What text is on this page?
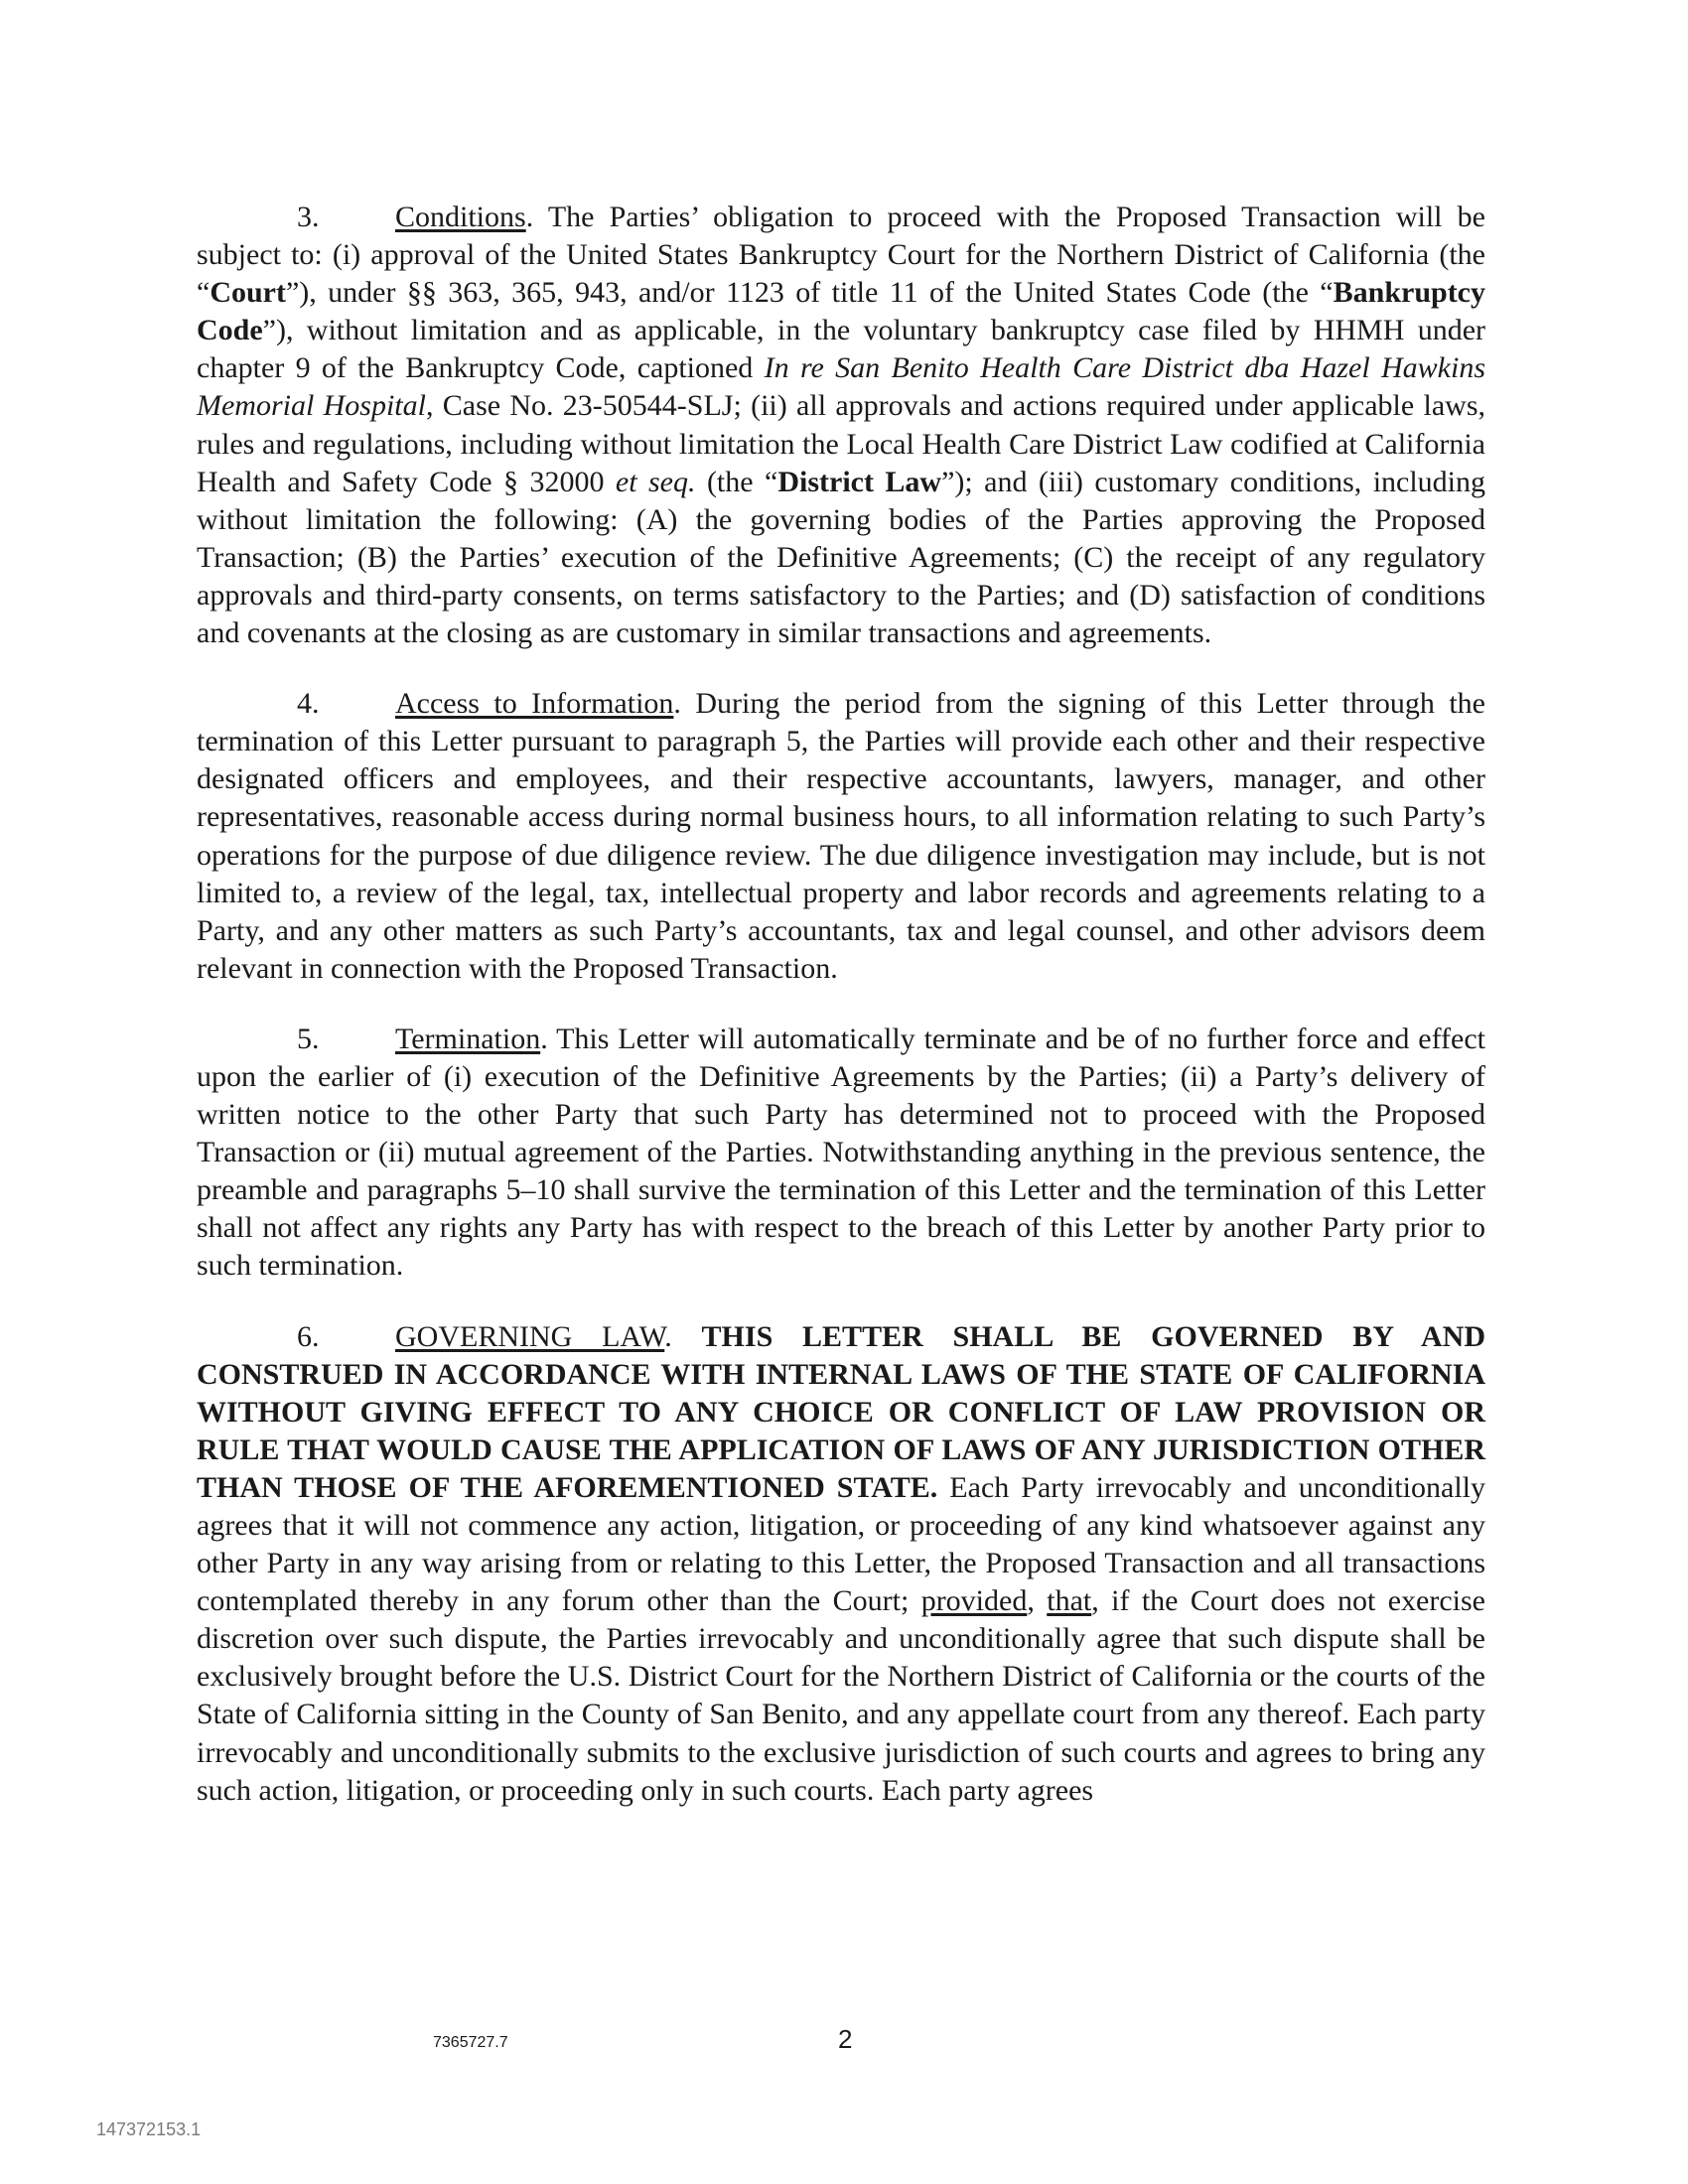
3.	Conditions. The Parties’ obligation to proceed with the Proposed Transaction will be subject to: (i) approval of the United States Bankruptcy Court for the Northern District of California (the “Court”), under §§ 363, 365, 943, and/or 1123 of title 11 of the United States Code (the “Bankruptcy Code”), without limitation and as applicable, in the voluntary bankruptcy case filed by HHMH under chapter 9 of the Bankruptcy Code, captioned In re San Benito Health Care District dba Hazel Hawkins Memorial Hospital, Case No. 23-50544-SLJ; (ii) all approvals and actions required under applicable laws, rules and regulations, including without limitation the Local Health Care District Law codified at California Health and Safety Code § 32000 et seq. (the “District Law”); and (iii) customary conditions, including without limitation the following: (A) the governing bodies of the Parties approving the Proposed Transaction; (B) the Parties’ execution of the Definitive Agreements; (C) the receipt of any regulatory approvals and third-party consents, on terms satisfactory to the Parties; and (D) satisfaction of conditions and covenants at the closing as are customary in similar transactions and agreements.

4.	Access to Information. During the period from the signing of this Letter through the termination of this Letter pursuant to paragraph 5, the Parties will provide each other and their respective designated officers and employees, and their respective accountants, lawyers, manager, and other representatives, reasonable access during normal business hours, to all information relating to such Party’s operations for the purpose of due diligence review. The due diligence investigation may include, but is not limited to, a review of the legal, tax, intellectual property and labor records and agreements relating to a Party, and any other matters as such Party’s accountants, tax and legal counsel, and other advisors deem relevant in connection with the Proposed Transaction.

5.	Termination. This Letter will automatically terminate and be of no further force and effect upon the earlier of (i) execution of the Definitive Agreements by the Parties; (ii) a Party’s delivery of written notice to the other Party that such Party has determined not to proceed with the Proposed Transaction or (ii) mutual agreement of the Parties. Notwithstanding anything in the previous sentence, the preamble and paragraphs 5–10 shall survive the termination of this Letter and the termination of this Letter shall not affect any rights any Party has with respect to the breach of this Letter by another Party prior to such termination.

6.	GOVERNING LAW. THIS LETTER SHALL BE GOVERNED BY AND CONSTRUED IN ACCORDANCE WITH INTERNAL LAWS OF THE STATE OF CALIFORNIA WITHOUT GIVING EFFECT TO ANY CHOICE OR CONFLICT OF LAW PROVISION OR RULE THAT WOULD CAUSE THE APPLICATION OF LAWS OF ANY JURISDICTION OTHER THAN THOSE OF THE AFOREMENTIONED STATE. Each Party irrevocably and unconditionally agrees that it will not commence any action, litigation, or proceeding of any kind whatsoever against any other Party in any way arising from or relating to this Letter, the Proposed Transaction and all transactions contemplated thereby in any forum other than the Court; provided, that, if the Court does not exercise discretion over such dispute, the Parties irrevocably and unconditionally agree that such dispute shall be exclusively brought before the U.S. District Court for the Northern District of California or the courts of the State of California sitting in the County of San Benito, and any appellate court from any thereof. Each party irrevocably and unconditionally submits to the exclusive jurisdiction of such courts and agrees to bring any such action, litigation, or proceeding only in such courts. Each party agrees

7365727.7	2
147372153.1
